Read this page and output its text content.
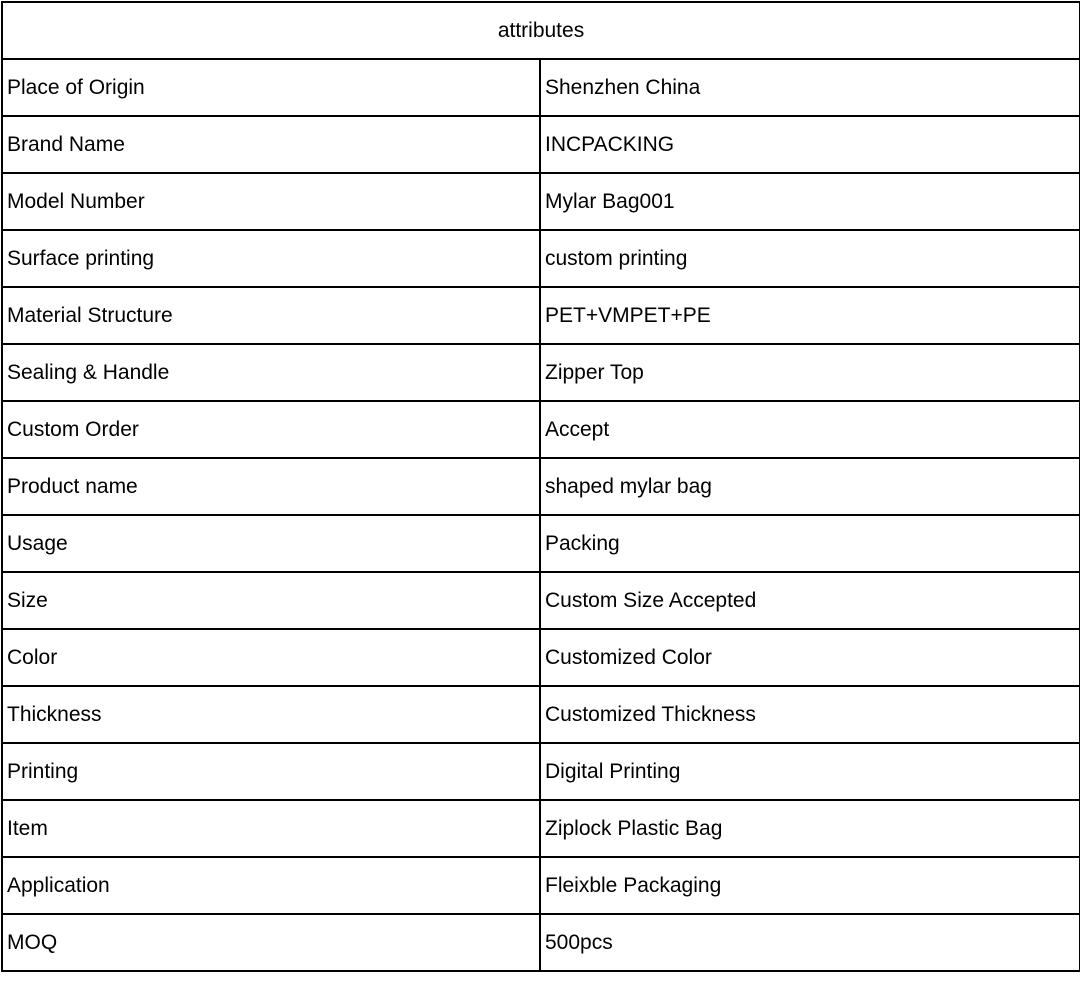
attributes	
Place of Origin	Shenzhen China
Brand Name	INCPACKING
Model Number	Mylar Bag001
Surface printing	custom printing
Material Structure	PET+VMPET+PE
Sealing & Handle	Zipper Top
Custom Order	Accept
Product name	shaped mylar bag
Usage	Packing
Size	Custom Size Accepted
Color	Customized Color
Thickness	Customized Thickness
Printing	Digital Printing
Item	Ziplock Plastic Bag
Application	Fleixble Packaging
MOQ	500pcs
